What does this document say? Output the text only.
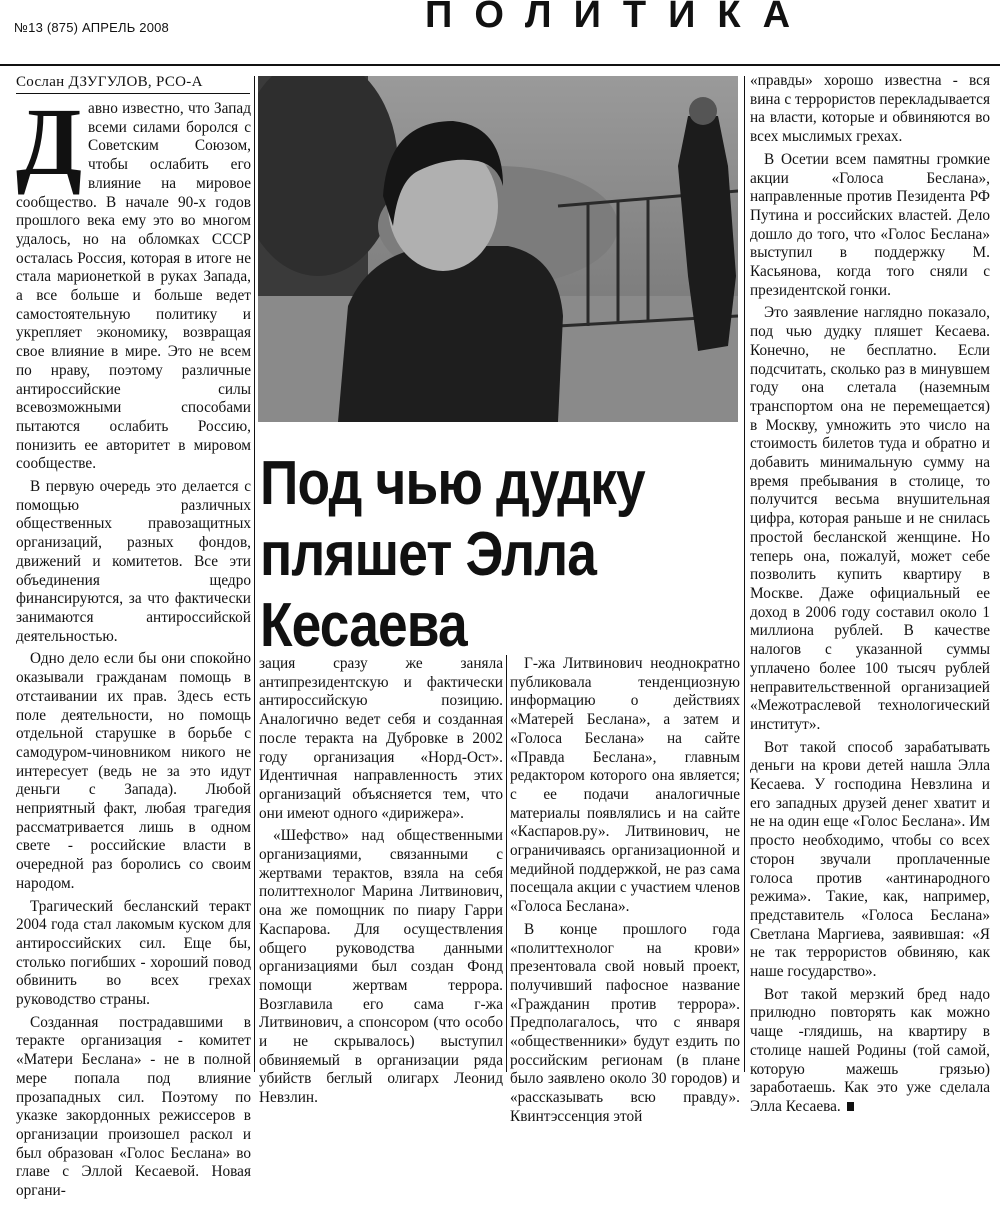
№13 (875) АПРЕЛЬ 2008	ПОЛИТИКА
Сослан ДЗУГУЛОВ, РСО-А

Давно известно, что Запад всеми силами боролся с Советским Союзом, чтобы ослабить его влияние на мировое сообщество. В начале 90-х годов прошлого века ему это во многом удалось, но на обломках СССР осталась Россия, которая в итоге не стала марионеткой в руках Запада, а все больше и больше ведет самостоятельную политику и укрепляет экономику, возвращая свое влияние в мире. Это не всем по нраву, поэтому различные антироссийские силы всевозможными способами пытаются ослабить Россию, понизить ее авторитет в мировом сообществе.

В первую очередь это делается с помощью различных общественных правозащитных организаций, разных фондов, движений и комитетов. Все эти объединения щедро финансируются, за что фактически занимаются антироссийской деятельностью.

Одно дело если бы они спокойно оказывали гражданам помощь в отстаивании их прав. Здесь есть поле деятельности, но помощь отдельной старушке в борьбе с самодуром-чиновником никого не интересует (ведь не за это идут деньги с Запада). Любой неприятный факт, любая трагедия рассматривается лишь в одном свете - российские власти в очередной раз боролись со своим народом.

Трагический бесланский теракт 2004 года стал лакомым куском для антироссийских сил. Еще бы, столько погибших - хороший повод обвинить во всех грехах руководство страны.

Созданная пострадавшими в теракте организация - комитет «Матери Беслана» - не в полной мере попала под влияние прозападных сил. Поэтому по указке закордонных режиссеров в организации произошел раскол и был образован «Голос Беслана» во главе с Эллой Кесаевой. Новая органи-

Под чью дудку
пляшет Элла
Кесаева

зация сразу же заняла антипрезидентскую и фактически антироссийскую позицию. Аналогично ведет себя и созданная после теракта на Дубровке в 2002 году организация «Норд-Ост». Идентичная направленность этих организаций объясняется тем, что они имеют одного «дирижера».

«Шефство» над общественными организациями, связанными с жертвами терактов, взяла на себя политтехнолог Марина Литвинович, она же помощник по пиару Гарри Каспарова. Для осуществления общего руководства данными организациями был создан Фонд помощи жертвам террора. Возглавила его сама г-жа Литвинович, а спонсором (что особо и не скрывалось) выступил обвиняемый в организации ряда убийств беглый олигарх Леонид Невзлин.

Г-жа Литвинович неоднократно публиковала тенденциозную информацию о действиях «Матерей Беслана», а затем и «Голоса Беслана» на сайте «Правда Беслана», главным редактором которого она является; с ее подачи аналогичные материалы появлялись и на сайте «Каспаров.ру». Литвинович, не ограничиваясь организационной и медийной поддержкой, не раз сама посещала акции с участием членов «Голоса Беслана».

В конце прошлого года «политтехнолог на крови» презентовала свой новый проект, получивший пафосное название «Гражданин против террора». Предполагалось, что с января «общественники» будут ездить по российским регионам (в плане было заявлено около 30 городов) и «рассказывать всю правду». Квинтэссенция этой

«правды» хорошо известна - вся вина с террористов перекладывается на власти, которые и обвиняются во всех мыслимых грехах.

В Осетии всем памятны громкие акции «Голоса Беслана», направленные против Пезидента РФ Путина и российских властей. Дело дошло до того, что «Голос Беслана» выступил в поддержку М. Касьянова, когда того сняли с президентской гонки.

Это заявление наглядно показало, под чью дудку пляшет Кесаева. Конечно, не бесплатно. Если подсчитать, сколько раз в минувшем году она слетала (наземным транспортом она не перемещается) в Москву, умножить это число на стоимость билетов туда и обратно и добавить минимальную сумму на время пребывания в столице, то получится весьма внушительная цифра, которая раньше и не снилась простой бесланской женщине. Но теперь она, пожалуй, может себе позволить купить квартиру в Москве. Даже официальный ее доход в 2006 году составил около 1 миллиона рублей. В качестве налогов с указанной суммы уплачено более 100 тысяч рублей неправительственной организацией «Межотраслевой технологический институт».

Вот такой способ зарабатывать деньги на крови детей нашла Элла Кесаева. У господина Невзлина и его западных друзей денег хватит и не на один еще «Голос Беслана». Им просто необходимо, чтобы со всех сторон звучали проплаченные голоса против «антинародного режима». Такие, как, например, представитель «Голоса Беслана» Светлана Маргиева, заявившая: «Я не так террористов обвиняю, как наше государство».

Вот такой мерзкий бред надо прилюдно повторять как можно чаще -глядишь, на квартиру в столице нашей Родины (той самой, которую мажешь грязью) заработаешь. Как это уже сделала Элла Кесаева.
